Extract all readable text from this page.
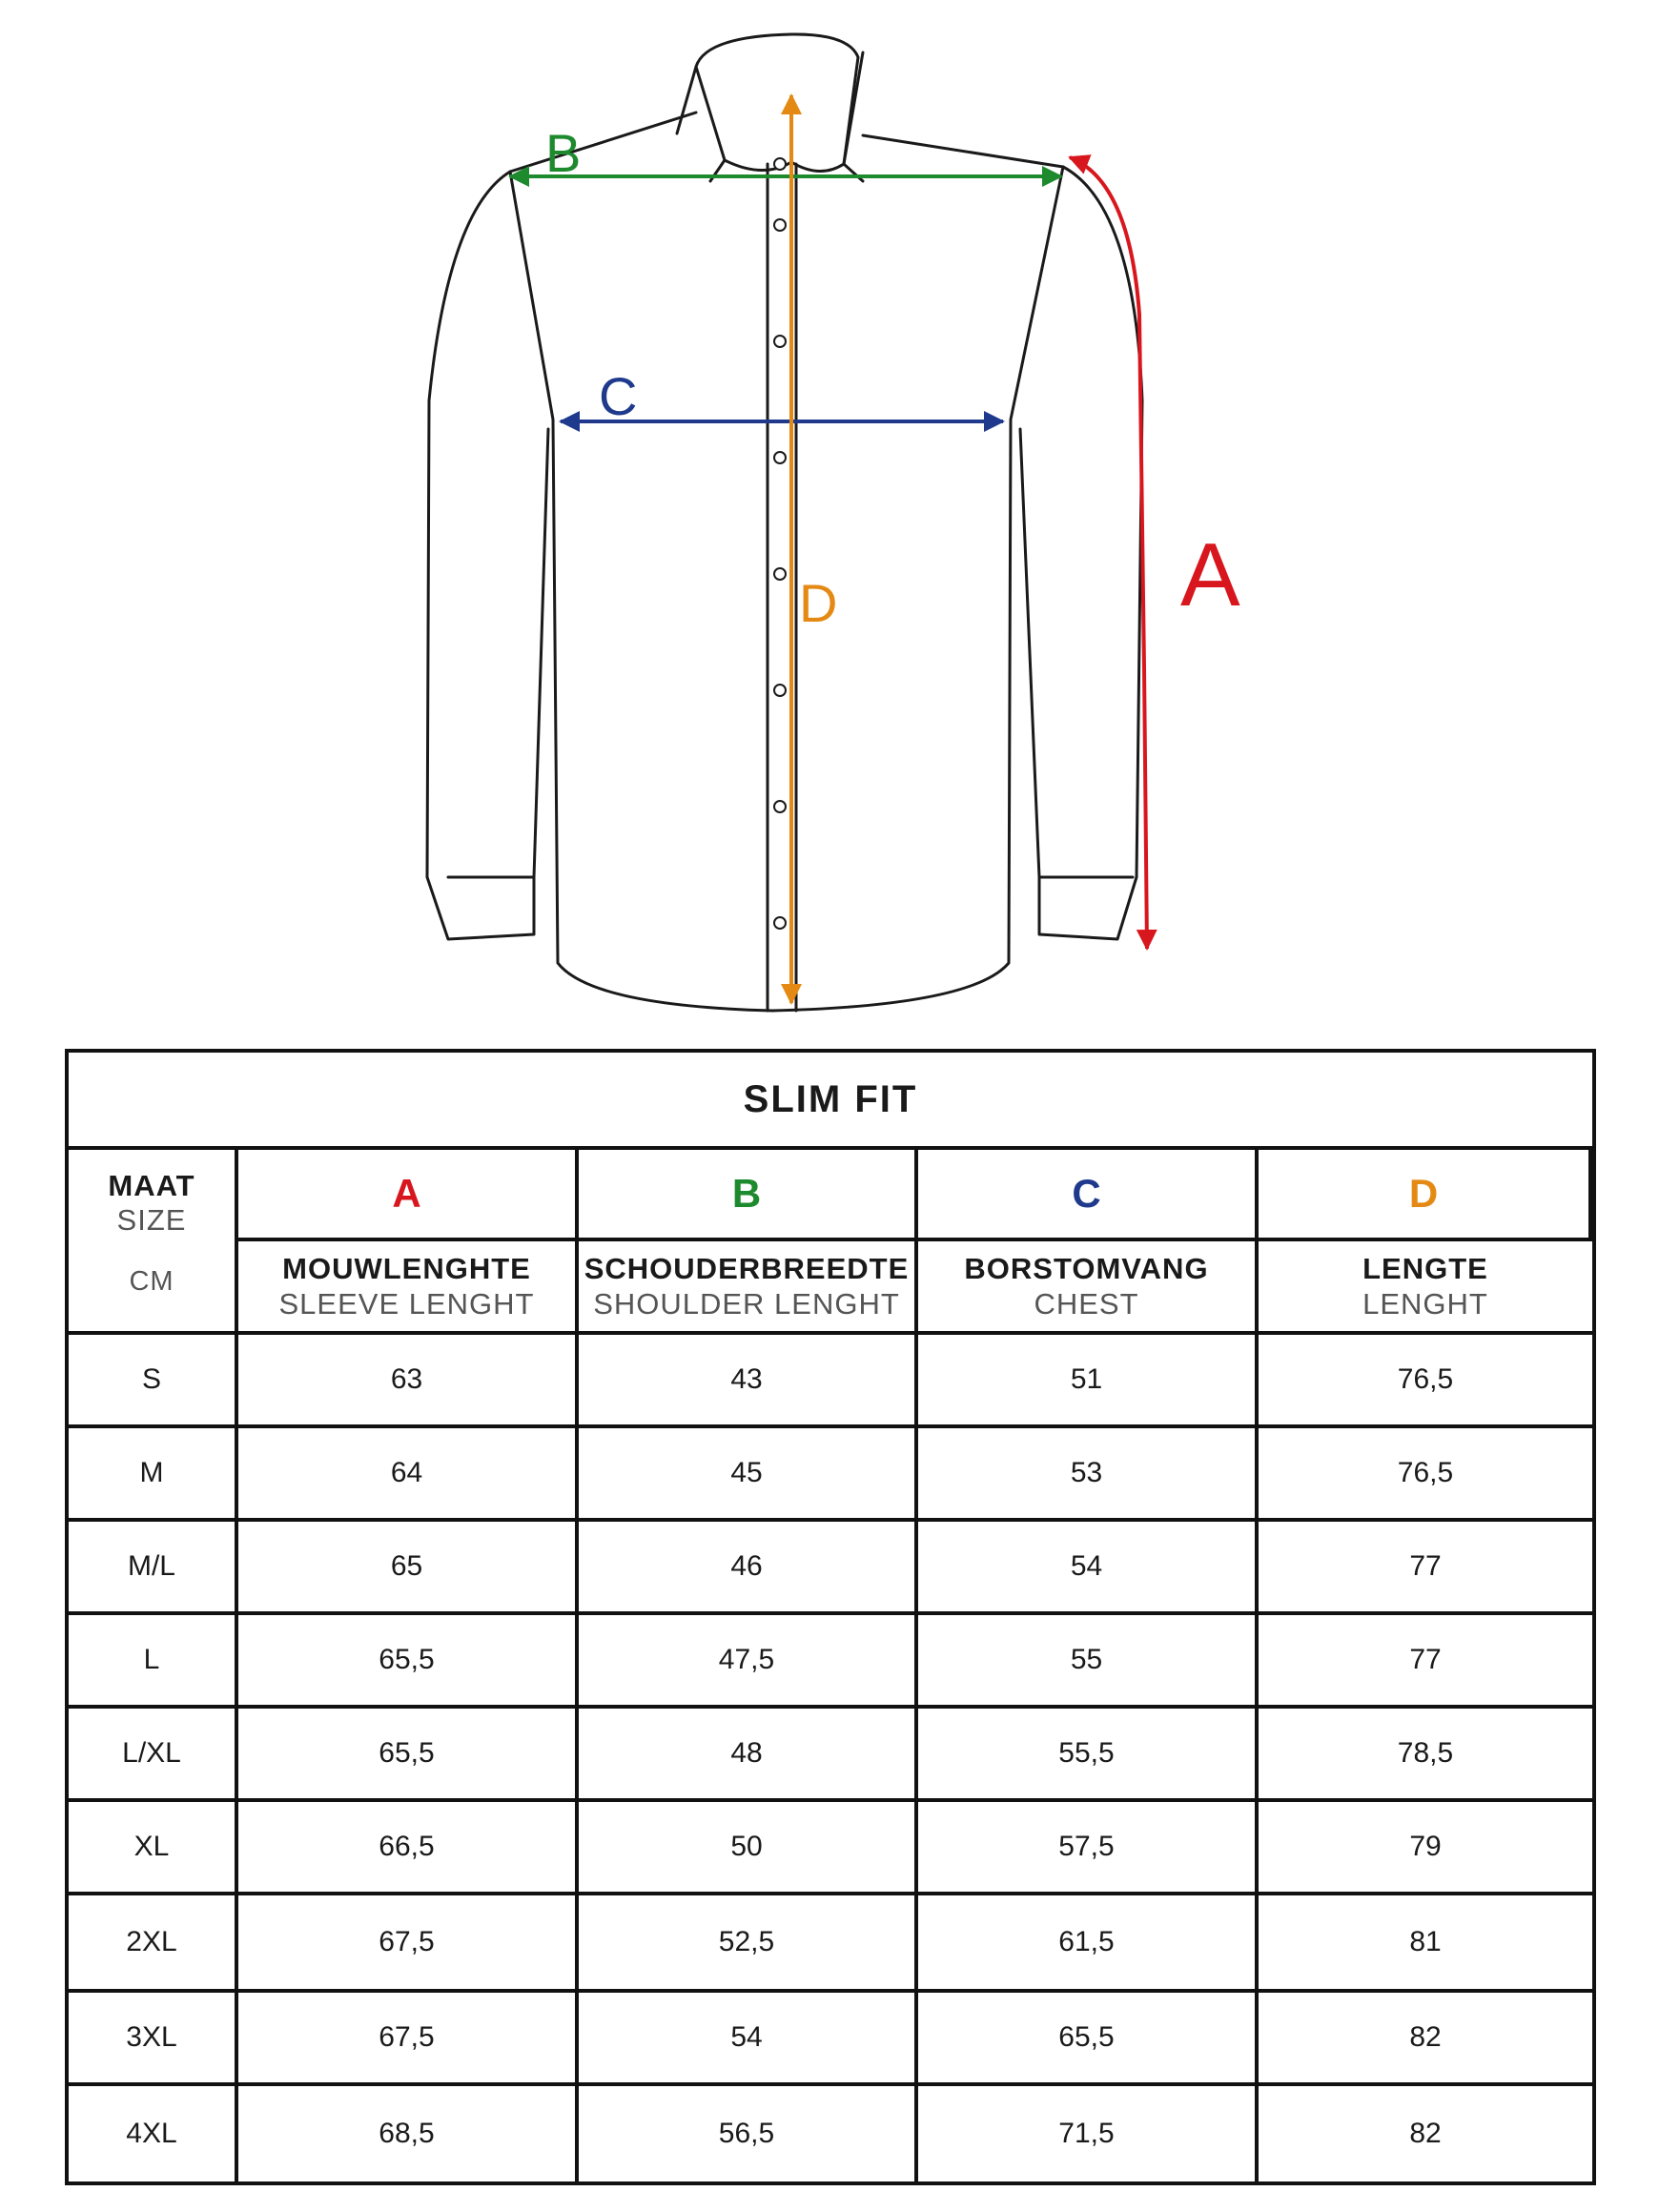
B
C
D	A
SLIM FIT
MAAT
SIZE
CM
A	B	C	D
MOUWLENGHTE
SLEEVE LENGHT
SCHOUDERBREEDTE
SHOULDER LENGHT
BORSTOMVANG
CHEST
LENGTE
LENGHT
S	63	43	51	76,5
M	64	45	53	76,5
M/L	65	46	54	77
L	65,5	47,5	55	77
L/XL	65,5	48	55,5	78,5
XL	66,5	50	57,5	79
2XL	67,5	52,5	61,5	81
3XL	67,5	54	65,5	82
4XL	68,5	56,5	71,5	82
